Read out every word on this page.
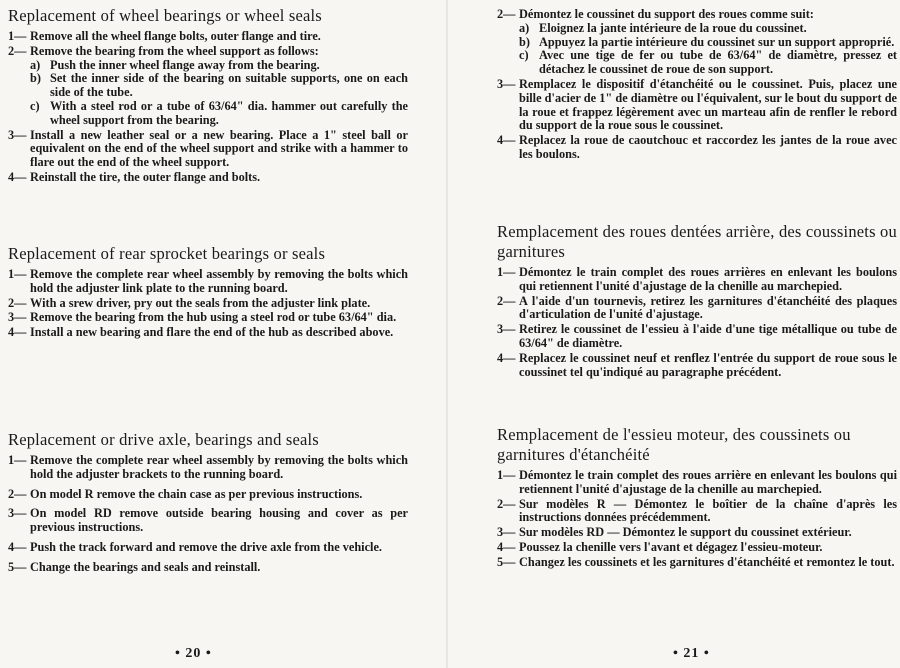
Replacement of wheel bearings or wheel seals
1— Remove all the wheel flange bolts, outer flange and tire.
2— Remove the bearing from the wheel support as follows:
a) Push the inner wheel flange away from the bearing.
b) Set the inner side of the bearing on suitable supports, one on each side of the tube.
c) With a steel rod or a tube of 63/64" dia. hammer out carefully the wheel support from the bearing.
3— Install a new leather seal or a new bearing. Place a 1" steel ball or equivalent on the end of the wheel support and strike with a hammer to flare out the end of the wheel support.
4— Reinstall the tire, the outer flange and bolts.
Replacement of rear sprocket bearings or seals
1— Remove the complete rear wheel assembly by removing the bolts which hold the adjuster link plate to the running board.
2— With a srew driver, pry out the seals from the adjuster link plate.
3— Remove the bearing from the hub using a steel rod or tube 63/64" dia.
4— Install a new bearing and flare the end of the hub as described above.
Replacement or drive axle, bearings and seals
1— Remove the complete rear wheel assembly by removing the bolts which hold the adjuster brackets to the running board.
2— On model R remove the chain case as per previous instructions.
3— On model RD remove outside bearing housing and cover as per previous instructions.
4— Push the track forward and remove the drive axle from the vehicle.
5— Change the bearings and seals and reinstall.
• 20 •
2— Démontez le coussinet du support des roues comme suit:
a) Eloignez la jante intérieure de la roue du coussinet.
b) Appuyez la partie intérieure du coussinet sur un support approprié.
c) Avec une tige de fer ou tube de 63/64" de diamètre, pressez et détachez le coussinet de roue de son support.
3— Remplacez le dispositif d'étanchéité ou le coussinet. Puis, placez une bille d'acier de 1" de diamètre ou l'équivalent, sur le bout du support de la roue et frappez légèrement avec un marteau afin de renfler le rebord du support de la roue sous le coussinet.
4— Replacez la roue de caoutchouc et raccordez les jantes de la roue avec les boulons.
Remplacement des roues dentées arrière, des coussinets ou garnitures
1— Démontez le train complet des roues arrières en enlevant les boulons qui retiennent l'unité d'ajustage de la chenille au marchepied.
2— A l'aide d'un tournevis, retirez les garnitures d'étanchéité des plaques d'articulation de l'unité d'ajustage.
3— Retirez le coussinet de l'essieu à l'aide d'une tige métallique ou tube de 63/64" de diamètre.
4— Replacez le coussinet neuf et renflez l'entrée du support de roue sous le coussinet tel qu'indiqué au paragraphe précédent.
Remplacement de l'essieu moteur, des coussinets ou garnitures d'étanchéité
1— Démontez le train complet des roues arrière en enlevant les boulons qui retiennent l'unité d'ajustage de la chenille au marchepied.
2— Sur modèles R — Démontez le boîtier de la chaîne d'après les instructions données précédemment.
3— Sur modèles RD — Démontez le support du coussinet extérieur.
4— Poussez la chenille vers l'avant et dégagez l'essieu-moteur.
5— Changez les coussinets et les garnitures d'étanchéité et remontez le tout.
• 21 •
